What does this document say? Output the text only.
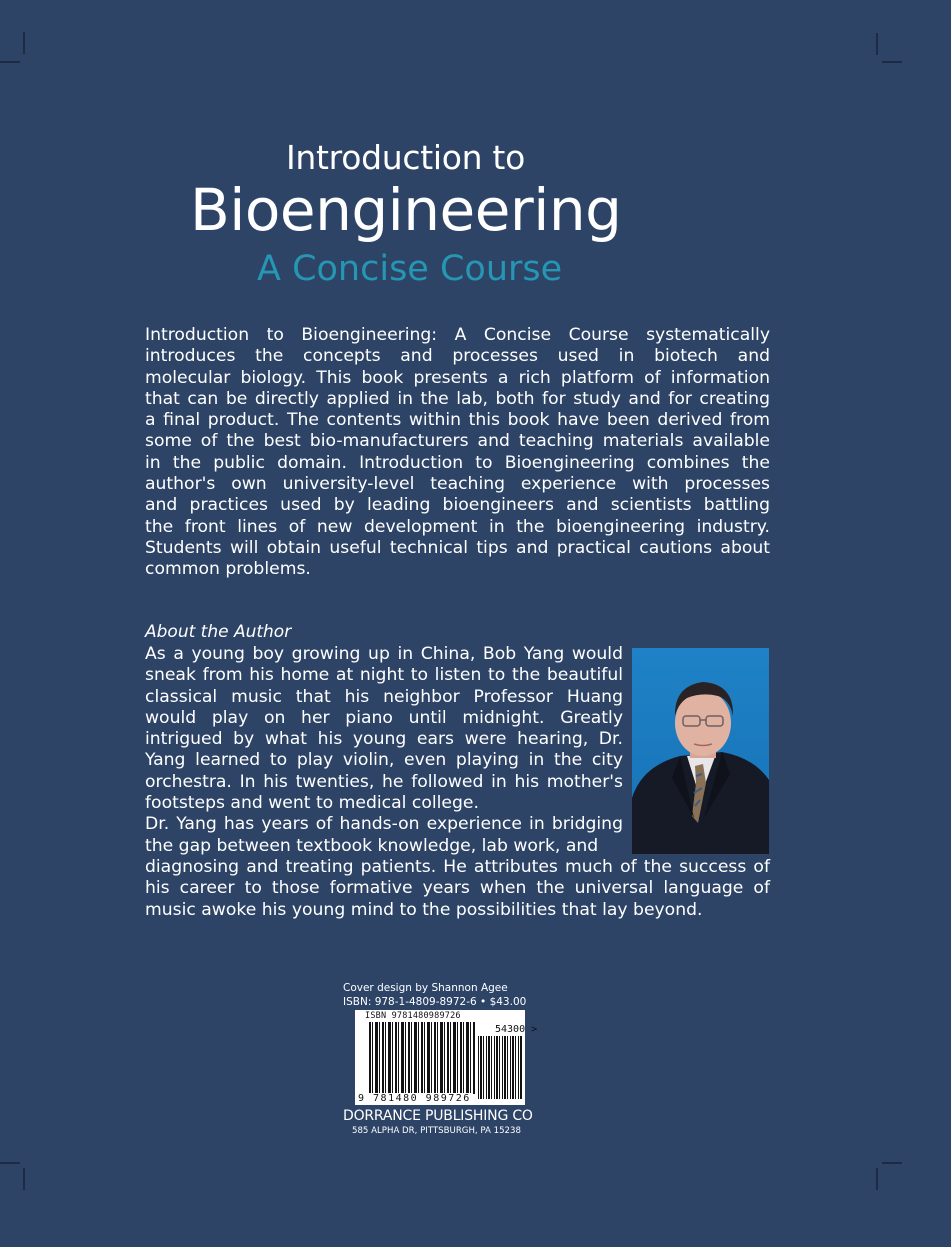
Introduction to
Bioengineering
A Concise Course
Introduction to Bioengineering: A Concise Course systematically
introduces the concepts and processes used in biotech and
molecular biology. This book presents a rich platform of information
that can be directly applied in the lab, both for study and for creating
a final product. The contents within this book have been derived from
some of the best bio-manufacturers and teaching materials available
in the public domain. Introduction to Bioengineering combines the
author's own university-level teaching experience with processes
and practices used by leading bioengineers and scientists battling
the front lines of new development in the bioengineering industry.
Students will obtain useful technical tips and practical cautions about
common problems.
About the Author
As a young boy growing up in China, Bob Yang would
sneak from his home at night to listen to the beautiful
classical music that his neighbor Professor Huang
would play on her piano until midnight. Greatly
intrigued by what his young ears were hearing, Dr.
Yang learned to play violin, even playing in the city
orchestra. In his twenties, he followed in his mother's
footsteps and went to medical college.
Dr. Yang has years of hands-on experience in bridging
the gap between textbook knowledge, lab work, and
diagnosing and treating patients. He attributes much of the success of
his career to those formative years when the universal language of
music awoke his young mind to the possibilities that lay beyond.
Cover design by Shannon Agee
ISBN: 978-1-4809-8972-6 • $43.00
ISBN 9781480989726
54300 >
9 781480 989726
DORRANCE PUBLISHING CO
585 ALPHA DR, PITTSBURGH, PA 15238
